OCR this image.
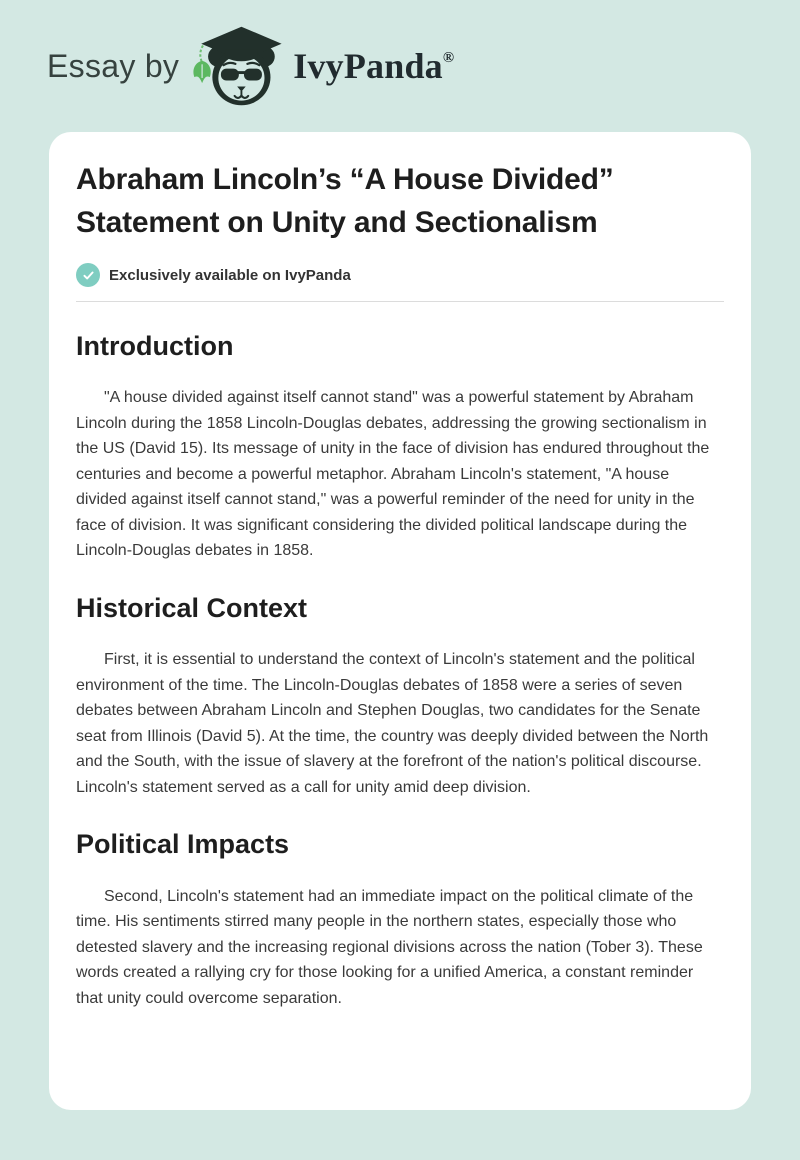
Essay by	IvyPanda®
Abraham Lincoln’s “A House Divided” Statement on Unity and Sectionalism
Exclusively available on IvyPanda
Introduction

"A house divided against itself cannot stand" was a powerful statement by Abraham Lincoln during the 1858 Lincoln-Douglas debates, addressing the growing sectionalism in the US (David 15). Its message of unity in the face of division has endured throughout the centuries and become a powerful metaphor. Abraham Lincoln's statement, "A house divided against itself cannot stand," was a powerful reminder of the need for unity in the face of division. It was significant considering the divided political landscape during the Lincoln-Douglas debates in 1858.

Historical Context

First, it is essential to understand the context of Lincoln's statement and the political environment of the time. The Lincoln-Douglas debates of 1858 were a series of seven debates between Abraham Lincoln and Stephen Douglas, two candidates for the Senate seat from Illinois (David 5). At the time, the country was deeply divided between the North and the South, with the issue of slavery at the forefront of the nation's political discourse. Lincoln's statement served as a call for unity amid deep division.

Political Impacts

Second, Lincoln's statement had an immediate impact on the political climate of the time. His sentiments stirred many people in the northern states, especially those who detested slavery and the increasing regional divisions across the nation (Tober 3). These words created a rallying cry for those looking for a unified America, a constant reminder that unity could overcome separation.
